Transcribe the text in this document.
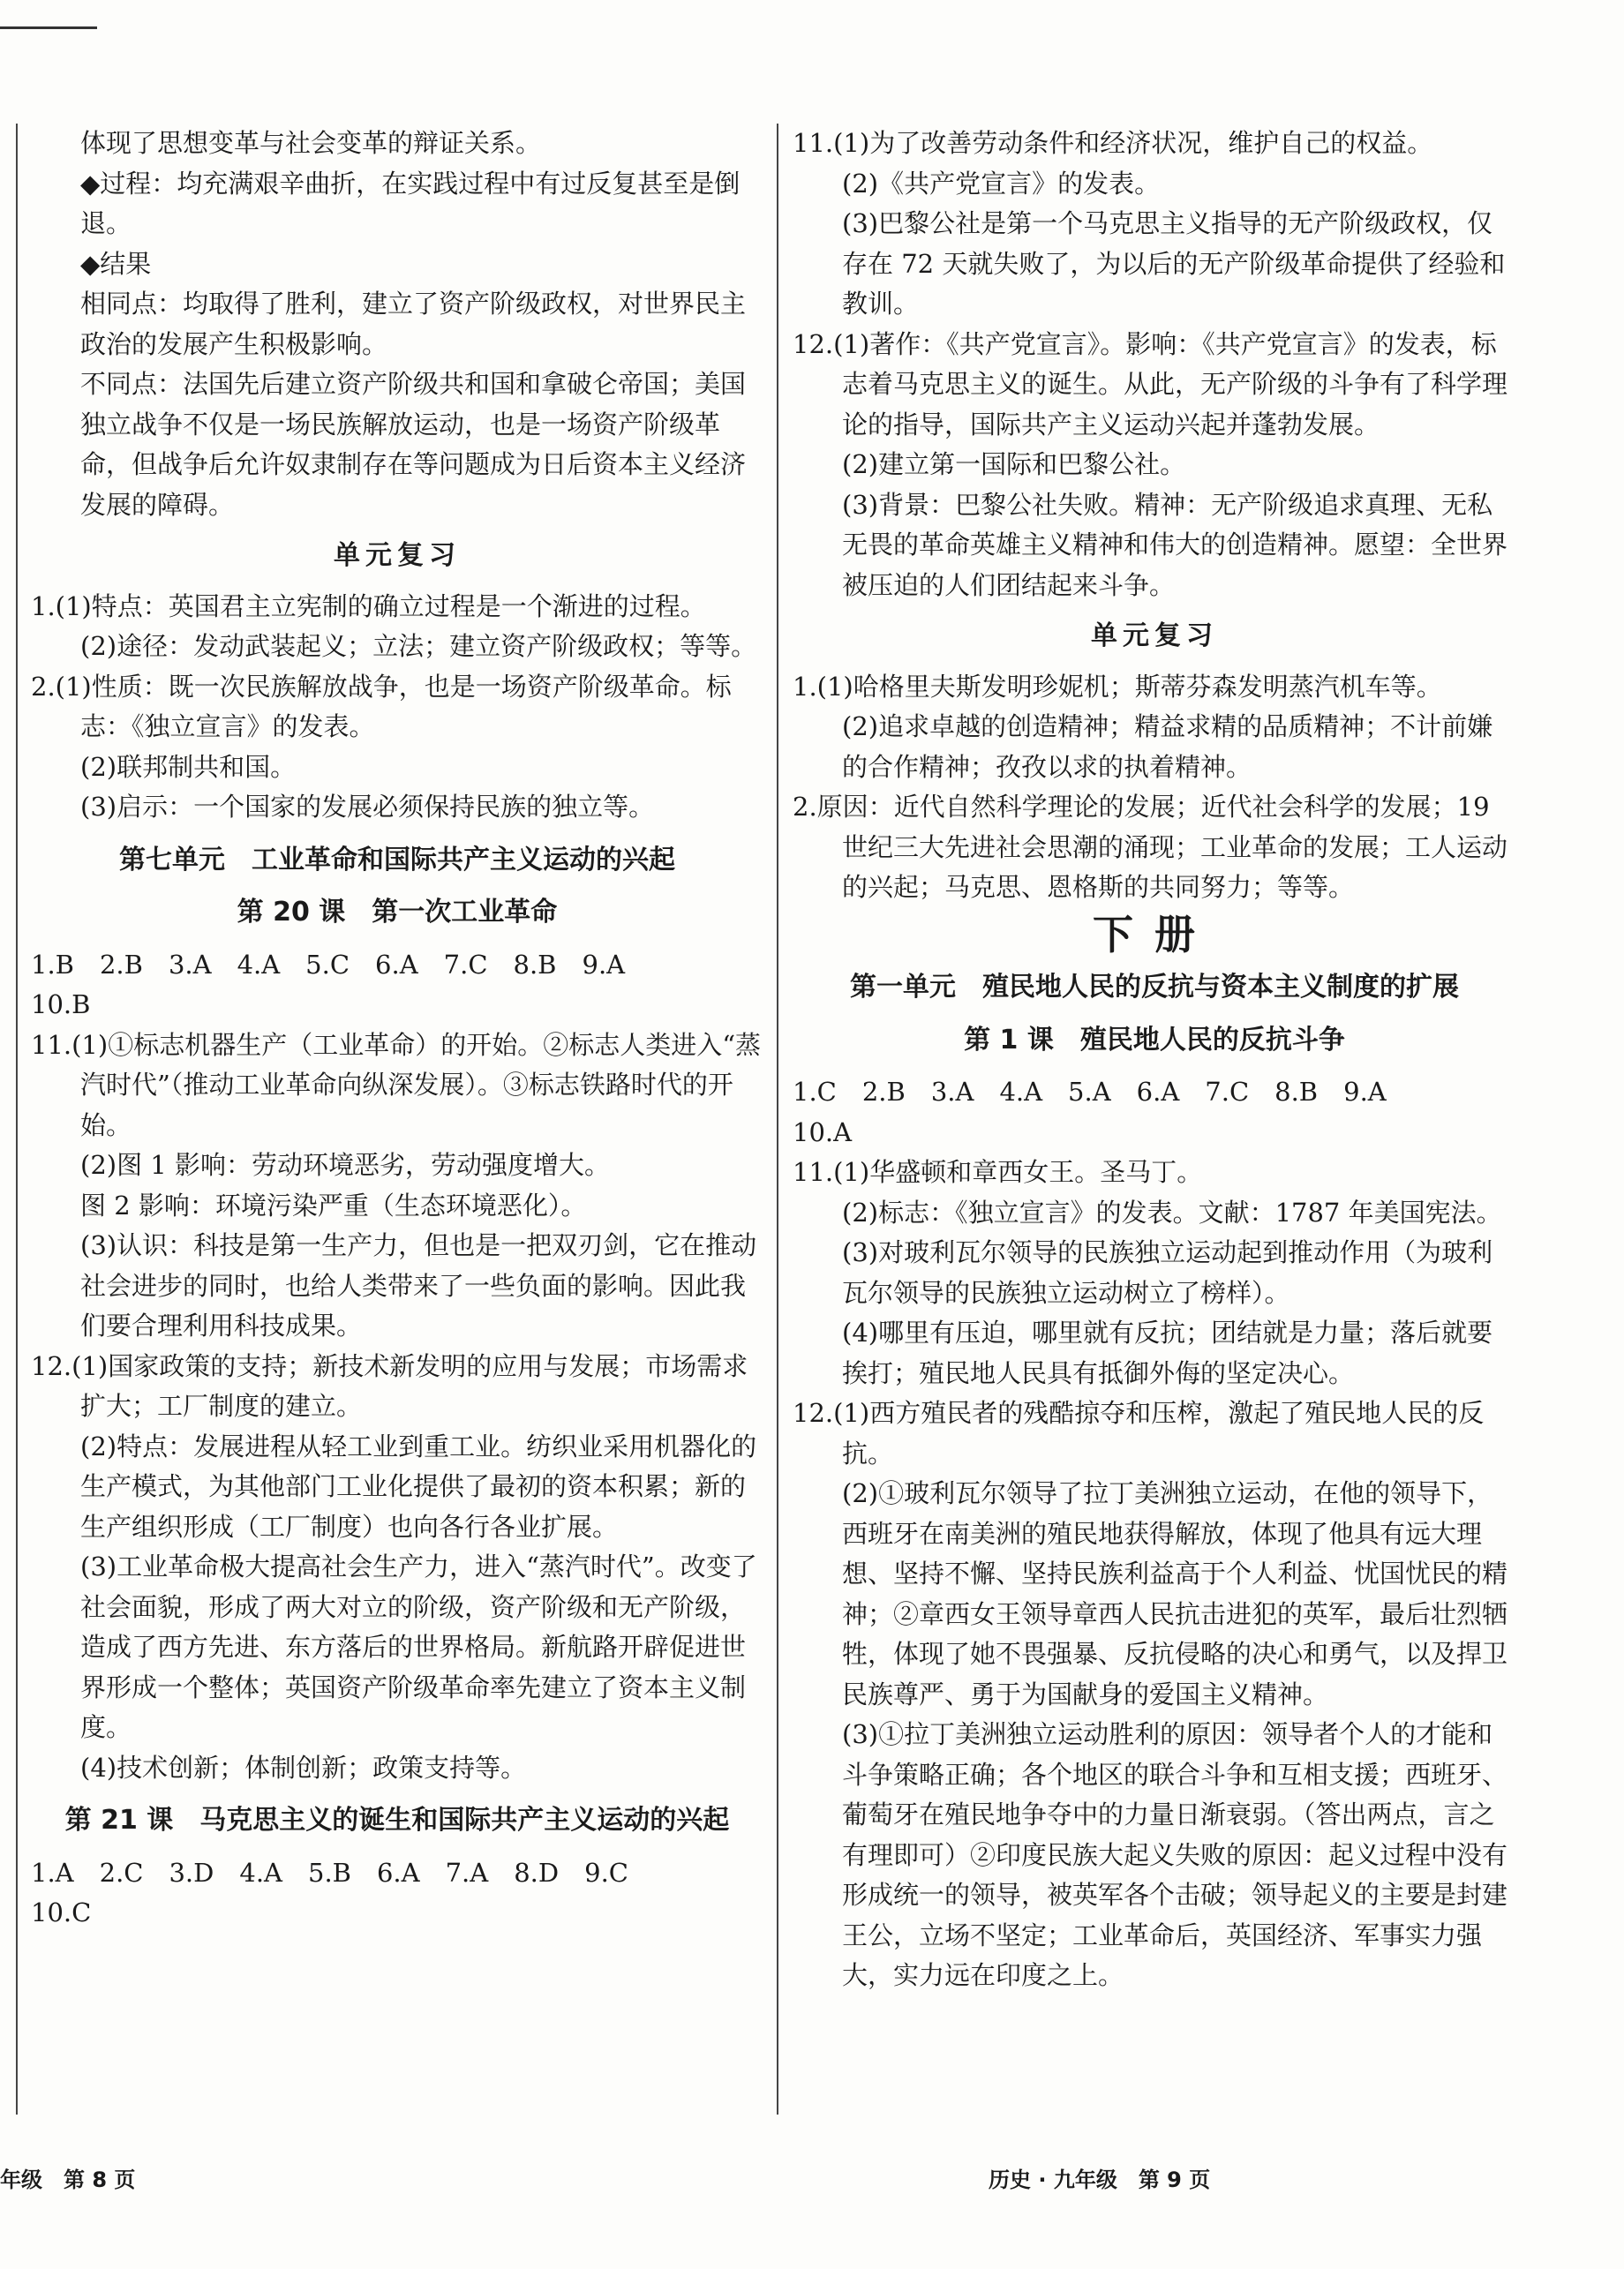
体现了思想变革与社会变革的辩证关系。

◆过程：均充满艰辛曲折，在实践过程中有过反复甚至是倒退。

◆结果

相同点：均取得了胜利，建立了资产阶级政权，对世界民主政治的发展产生积极影响。

不同点：法国先后建立资产阶级共和国和拿破仑帝国；美国独立战争不仅是一场民族解放运动，也是一场资产阶级革命，但战争后允许奴隶制存在等问题成为日后资本主义经济发展的障碍。

单元复习

1.(1)特点：英国君主立宪制的确立过程是一个渐进的过程。

(2)途径：发动武装起义；立法；建立资产阶级政权；等等。

2.(1)性质：既一次民族解放战争，也是一场资产阶级革命。标志：《独立宣言》的发表。

(2)联邦制共和国。

(3)启示：一个国家的发展必须保持民族的独立等。

第七单元　工业革命和国际共产主义运动的兴起
第 20 课　第一次工业革命

1.B　2.B　3.A　4.A　5.C　6.A　7.C　8.B　9.A

10.B

11.(1)①标志机器生产（工业革命）的开始。②标志人类进入“蒸汽时代”（推动工业革命向纵深发展）。③标志铁路时代的开始。

(2)图 1 影响：劳动环境恶劣，劳动强度增大。

图 2 影响：环境污染严重（生态环境恶化）。

(3)认识：科技是第一生产力，但也是一把双刃剑，它在推动社会进步的同时，也给人类带来了一些负面的影响。因此我们要合理利用科技成果。

12.(1)国家政策的支持；新技术新发明的应用与发展；市场需求扩大；工厂制度的建立。

(2)特点：发展进程从轻工业到重工业。纺织业采用机器化的生产模式，为其他部门工业化提供了最初的资本积累；新的生产组织形成（工厂制度）也向各行各业扩展。

(3)工业革命极大提高社会生产力，进入“蒸汽时代”。改变了社会面貌，形成了两大对立的阶级，资产阶级和无产阶级，造成了西方先进、东方落后的世界格局。新航路开辟促进世界形成一个整体；英国资产阶级革命率先建立了资本主义制度。

(4)技术创新；体制创新；政策支持等。

第 21 课　马克思主义的诞生和国际共产主义运动的兴起

1.A　2.C　3.D　4.A　5.B　6.A　7.A　8.D　9.C

10.C

11.(1)为了改善劳动条件和经济状况，维护自己的权益。

(2)《共产党宣言》的发表。

(3)巴黎公社是第一个马克思主义指导的无产阶级政权，仅存在 72 天就失败了，为以后的无产阶级革命提供了经验和教训。

12.(1)著作：《共产党宣言》。影响：《共产党宣言》的发表，标志着马克思主义的诞生。从此，无产阶级的斗争有了科学理论的指导，国际共产主义运动兴起并蓬勃发展。

(2)建立第一国际和巴黎公社。

(3)背景：巴黎公社失败。精神：无产阶级追求真理、无私无畏的革命英雄主义精神和伟大的创造精神。愿望：全世界被压迫的人们团结起来斗争。

单元复习

1.(1)哈格里夫斯发明珍妮机；斯蒂芬森发明蒸汽机车等。

(2)追求卓越的创造精神；精益求精的品质精神；不计前嫌的合作精神；孜孜以求的执着精神。

2.原因：近代自然科学理论的发展；近代社会科学的发展；19 世纪三大先进社会思潮的涌现；工业革命的发展；工人运动的兴起；马克思、恩格斯的共同努力；等等。

下册
第一单元　殖民地人民的反抗与资本主义制度的扩展
第 1 课　殖民地人民的反抗斗争

1.C　2.B　3.A　4.A　5.A　6.A　7.C　8.B　9.A

10.A

11.(1)华盛顿和章西女王。圣马丁。

(2)标志：《独立宣言》的发表。文献：1787 年美国宪法。

(3)对玻利瓦尔领导的民族独立运动起到推动作用（为玻利瓦尔领导的民族独立运动树立了榜样）。

(4)哪里有压迫，哪里就有反抗；团结就是力量；落后就要挨打；殖民地人民具有抵御外侮的坚定决心。

12.(1)西方殖民者的残酷掠夺和压榨，激起了殖民地人民的反抗。

(2)①玻利瓦尔领导了拉丁美洲独立运动，在他的领导下，西班牙在南美洲的殖民地获得解放，体现了他具有远大理想、坚持不懈、坚持民族利益高于个人利益、忧国忧民的精神；②章西女王领导章西人民抗击进犯的英军，最后壮烈牺牲，体现了她不畏强暴、反抗侵略的决心和勇气，以及捍卫民族尊严、勇于为国献身的爱国主义精神。

(3)①拉丁美洲独立运动胜利的原因：领导者个人的才能和斗争策略正确；各个地区的联合斗争和互相支援；西班牙、葡萄牙在殖民地争夺中的力量日渐衰弱。（答出两点，言之有理即可）②印度民族大起义失败的原因：起义过程中没有形成统一的领导，被英军各个击破；领导起义的主要是封建王公，立场不坚定；工业革命后，英国经济、军事实力强大，实力远在印度之上。

年级　第 8 页	历史 · 九年级　第 9 页
